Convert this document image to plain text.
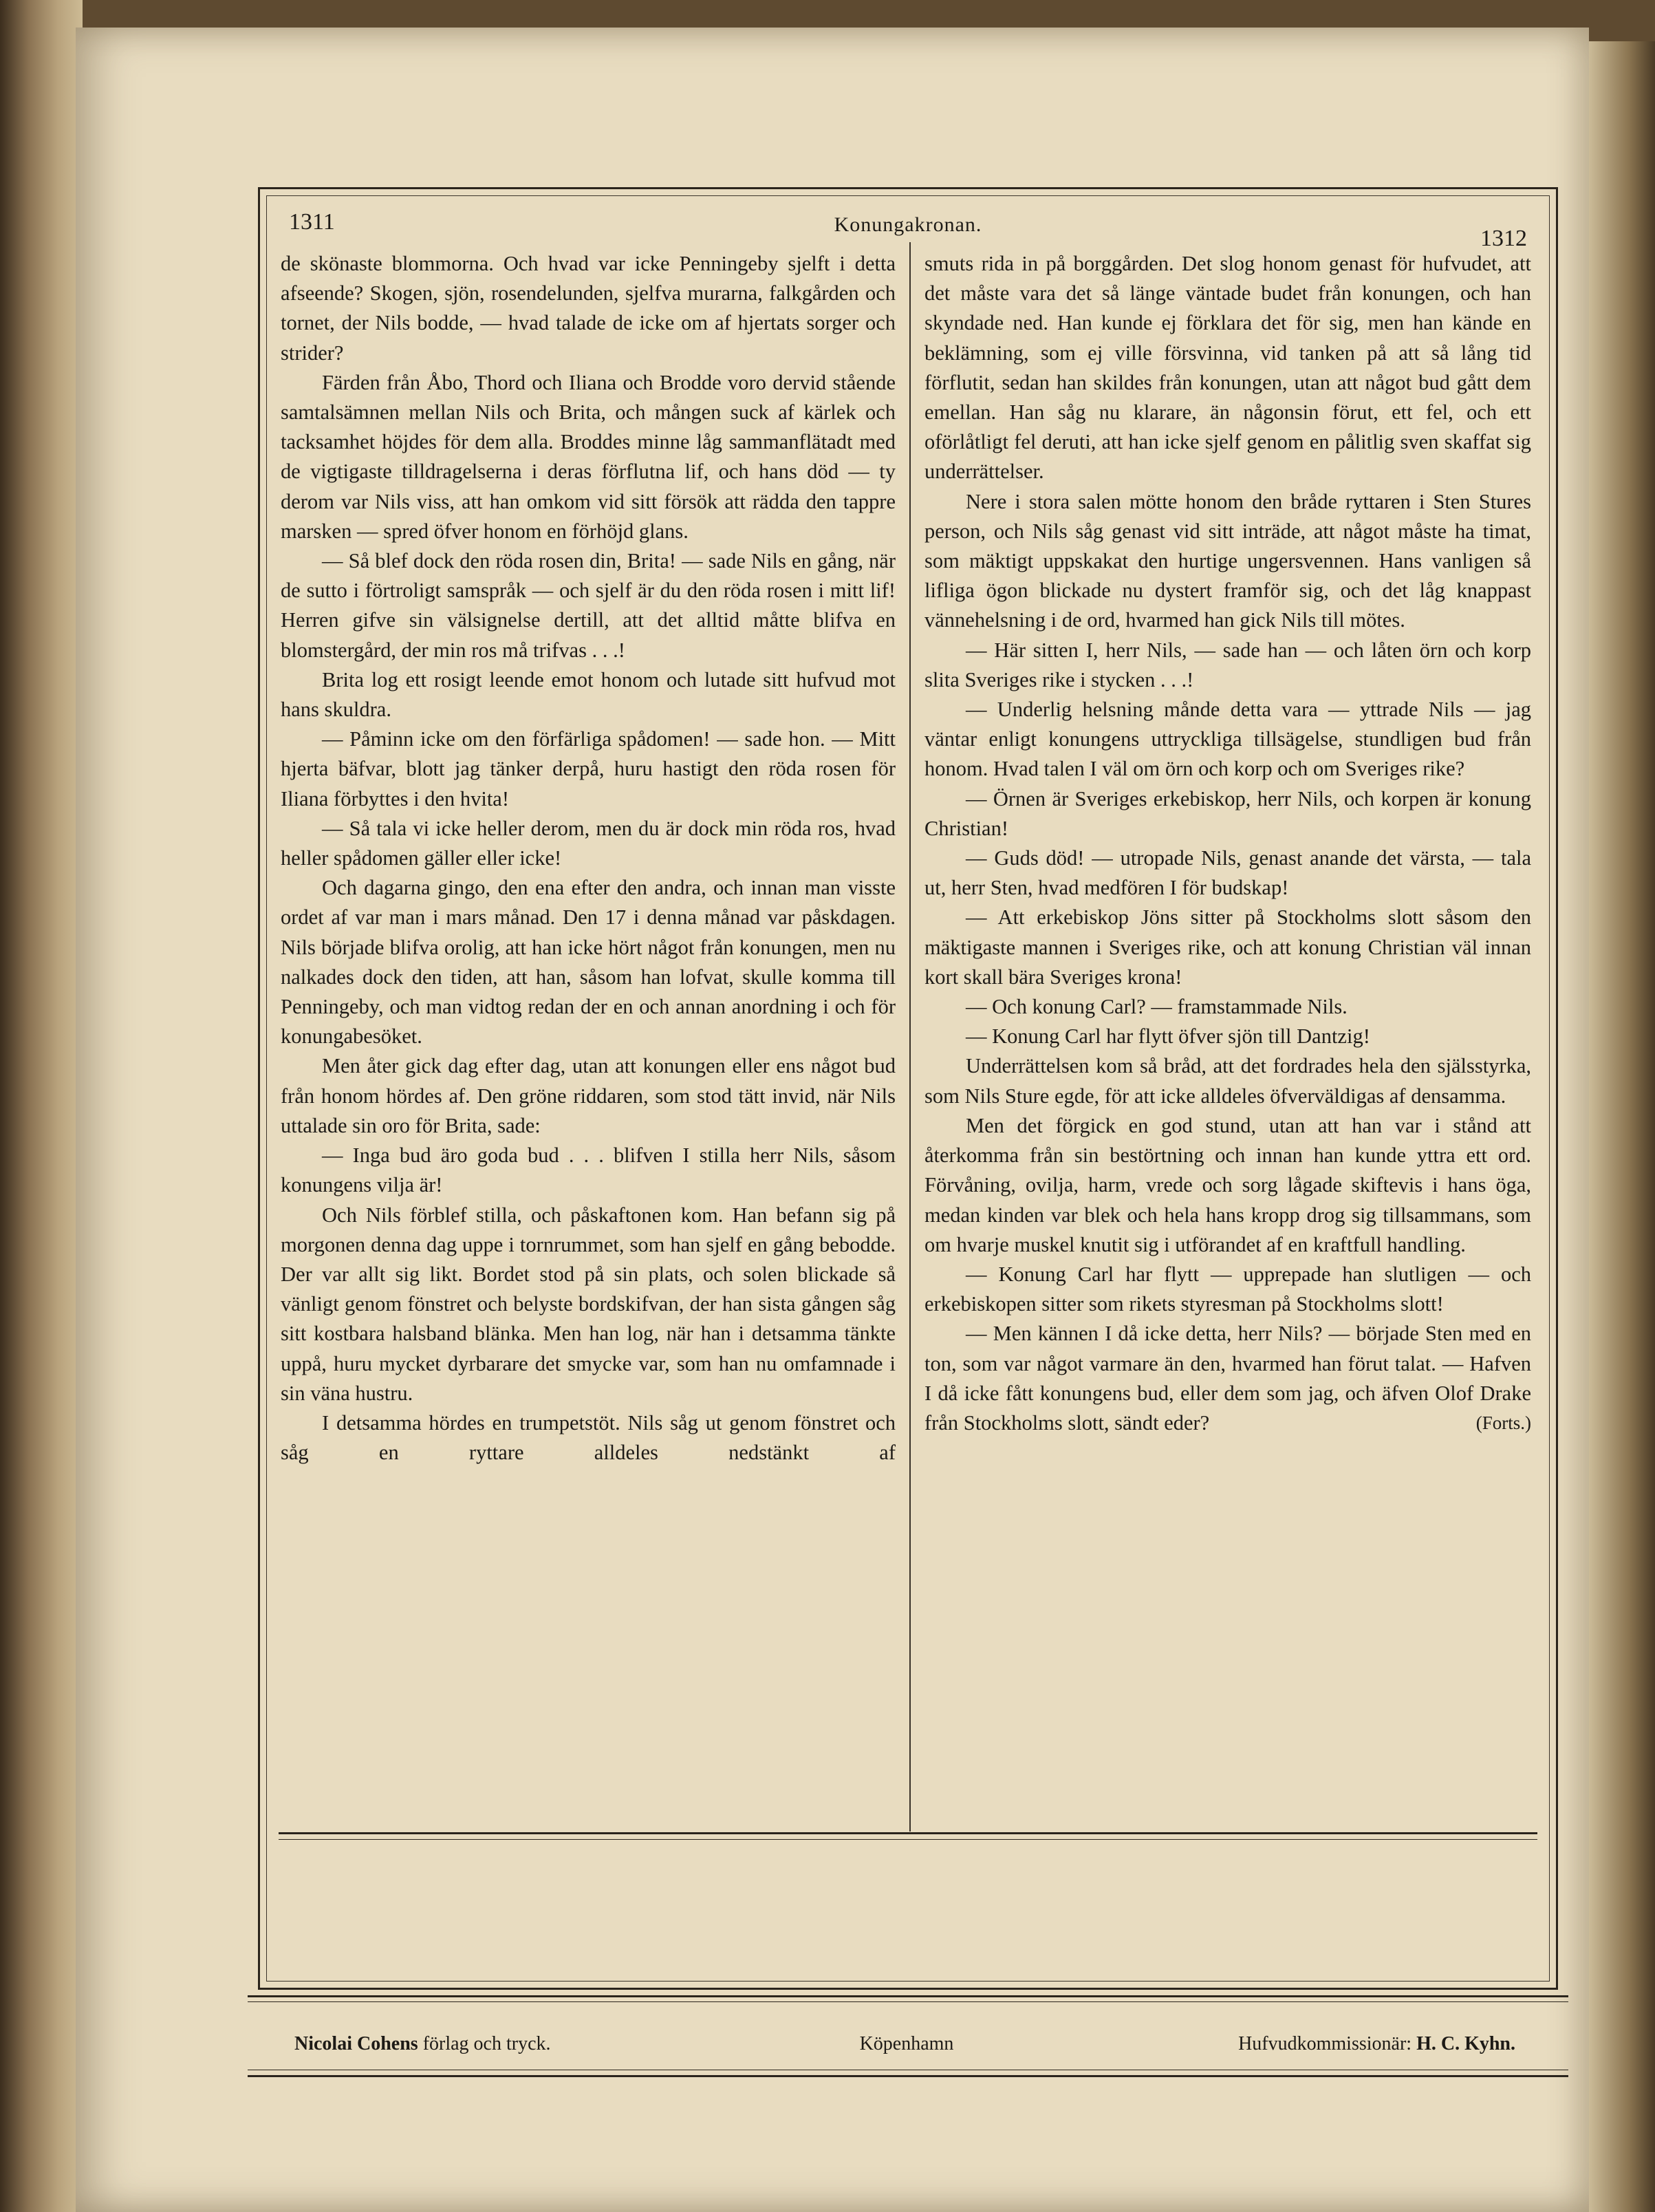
1311	Konungakronan.
1312

de skönaste blommorna. Och hvad var icke Penningeby sjelft i detta afseende? Skogen, sjön, rosendelunden, sjelfva murarna, falkgården och tornet, der Nils bodde, — hvad talade de icke om af hjertats sorger och strider?

Färden från Åbo, Thord och Iliana och Brodde voro dervid stående samtalsämnen mellan Nils och Brita, och mången suck af kärlek och tacksamhet höjdes för dem alla. Broddes minne låg sammanflätadt med de vigtigaste tilldragelserna i deras förflutna lif, och hans död — ty derom var Nils viss, att han omkom vid sitt försök att rädda den tappre marsken — spred öfver honom en förhöjd glans.

— Så blef dock den röda rosen din, Brita! — sade Nils en gång, när de sutto i förtroligt samspråk — och sjelf är du den röda rosen i mitt lif! Herren gifve sin välsignelse dertill, att det alltid måtte blifva en blomstergård, der min ros må trifvas . . .!

Brita log ett rosigt leende emot honom och lutade sitt hufvud mot hans skuldra.

— Påminn icke om den förfärliga spådomen! — sade hon. — Mitt hjerta bäfvar, blott jag tänker derpå, huru hastigt den röda rosen för Iliana förbyttes i den hvita!

— Så tala vi icke heller derom, men du är dock min röda ros, hvad heller spådomen gäller eller icke!

Och dagarna gingo, den ena efter den andra, och innan man visste ordet af var man i mars månad. Den 17 i denna månad var påskdagen. Nils började blifva orolig, att han icke hört något från konungen, men nu nalkades dock den tiden, att han, såsom han lofvat, skulle komma till Penningeby, och man vidtog redan der en och annan anordning i och för konungabesöket.

Men åter gick dag efter dag, utan att konungen eller ens något bud från honom hördes af. Den gröne riddaren, som stod tätt invid, när Nils uttalade sin oro för Brita, sade:

— Inga bud äro goda bud . . . blifven I stilla herr Nils, såsom konungens vilja är!

Och Nils förblef stilla, och påskaftonen kom. Han befann sig på morgonen denna dag uppe i tornrummet, som han sjelf en gång bebodde. Der var allt sig likt. Bordet stod på sin plats, och solen blickade så vänligt genom fönstret och belyste bordskifvan, der han sista gången såg sitt kostbara halsband blänka. Men han log, när han i detsamma tänkte uppå, huru mycket dyrbarare det smycke var, som han nu omfamnade i sin väna hustru.

I detsamma hördes en trumpetstöt. Nils såg ut genom fönstret och såg en ryttare alldeles nedstänkt af

smuts rida in på borggården. Det slog honom genast för hufvudet, att det måste vara det så länge väntade budet från konungen, och han skyndade ned. Han kunde ej förklara det för sig, men han kände en beklämning, som ej ville försvinna, vid tanken på att så lång tid förflutit, sedan han skildes från konungen, utan att något bud gått dem emellan. Han såg nu klarare, än någonsin förut, ett fel, och ett oförlåtligt fel deruti, att han icke sjelf genom en pålitlig sven skaffat sig underrättelser.

Nere i stora salen mötte honom den bråde ryttaren i Sten Stures person, och Nils såg genast vid sitt inträde, att något måste ha timat, som mäktigt uppskakat den hurtige ungersvennen. Hans vanligen så lifliga ögon blickade nu dystert framför sig, och det låg knappast vännehelsning i de ord, hvarmed han gick Nils till mötes.

— Här sitten I, herr Nils, — sade han — och låten örn och korp slita Sveriges rike i stycken . . .!

— Underlig helsning månde detta vara — yttrade Nils — jag väntar enligt konungens uttryckliga tillsägelse, stundligen bud från honom. Hvad talen I väl om örn och korp och om Sveriges rike?

— Örnen är Sveriges erkebiskop, herr Nils, och korpen är konung Christian!

— Guds död! — utropade Nils, genast anande det värsta, — tala ut, herr Sten, hvad medfören I för budskap!

— Att erkebiskop Jöns sitter på Stockholms slott såsom den mäktigaste mannen i Sveriges rike, och att konung Christian väl innan kort skall bära Sveriges krona!

— Och konung Carl? — framstammade Nils.

— Konung Carl har flytt öfver sjön till Dantzig!

Underrättelsen kom så bråd, att det fordrades hela den själsstyrka, som Nils Sture egde, för att icke alldeles öfverväldigas af densamma.

Men det förgick en god stund, utan att han var i stånd att återkomma från sin bestörtning och innan han kunde yttra ett ord. Förvåning, ovilja, harm, vrede och sorg lågade skiftevis i hans öga, medan kinden var blek och hela hans kropp drog sig tillsammans, som om hvarje muskel knutit sig i utförandet af en kraftfull handling.

— Konung Carl har flytt — upprepade han slutligen — och erkebiskopen sitter som rikets styresman på Stockholms slott!

— Men kännen I då icke detta, herr Nils? — började Sten med en ton, som var något varmare än den, hvarmed han förut talat. — Hafven I då icke fått konungens bud, eller dem som jag, och äfven Olof Drake från Stockholms slott, sändt eder?	(Forts.)

Nicolai Cohens förlag och tryck.	Köpenhamn	Hufvudkommissionär: H. C. Kyhn.
